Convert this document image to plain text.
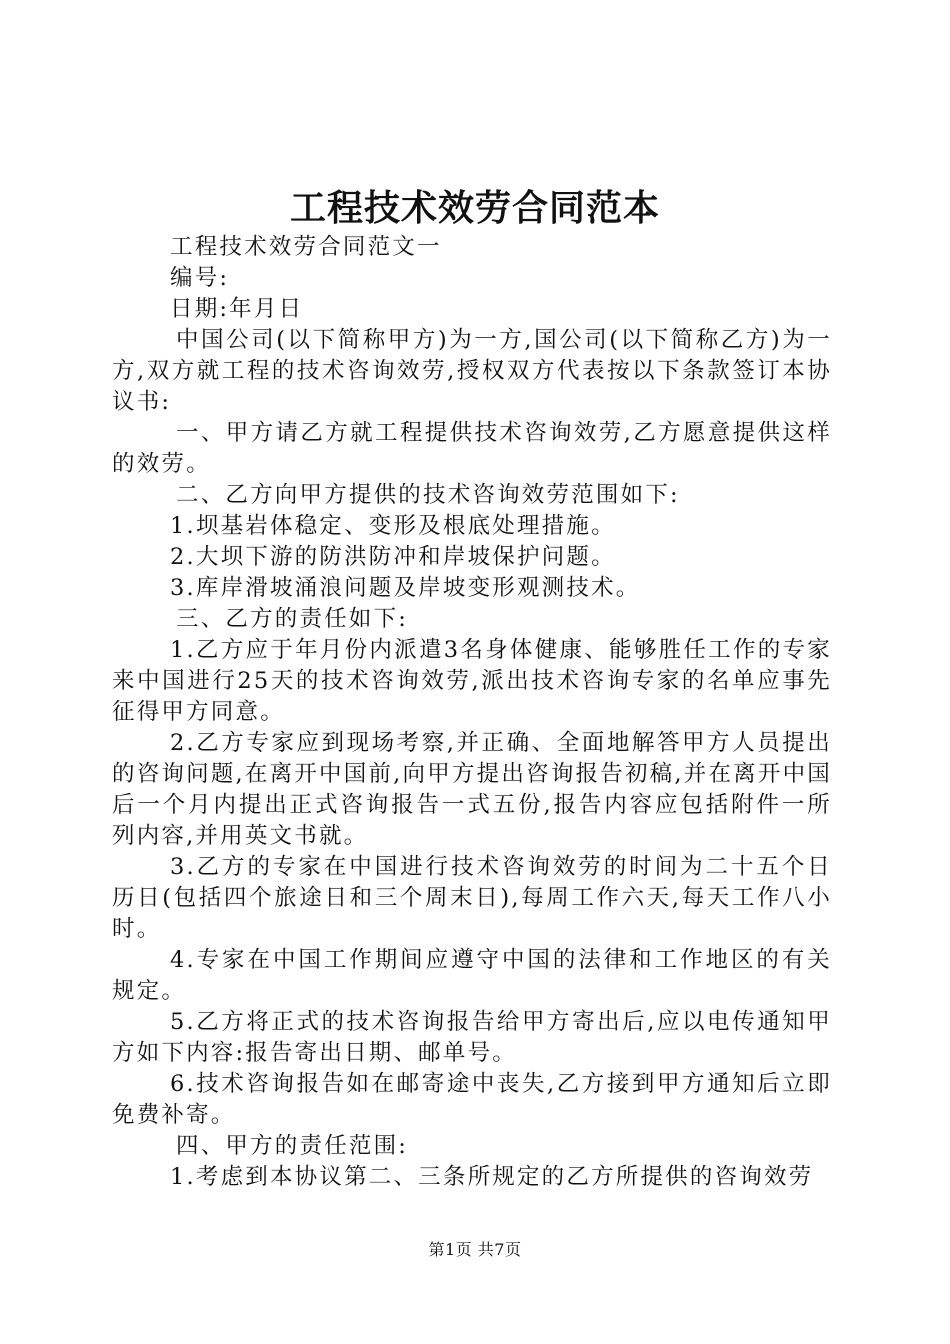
工程技术效劳合同范本

工程技术效劳合同范文一

编号:

日期:年月日

中国公司(以下简称甲方)为一方,国公司(以下简称乙方)为一方,双方就工程的技术咨询效劳,授权双方代表按以下条款签订本协议书:

一、甲方请乙方就工程提供技术咨询效劳,乙方愿意提供这样的效劳。

二、乙方向甲方提供的技术咨询效劳范围如下:

1.坝基岩体稳定、变形及根底处理措施。

2.大坝下游的防洪防冲和岸坡保护问题。

3.库岸滑坡涌浪问题及岸坡变形观测技术。

三、乙方的责任如下:

1.乙方应于年月份内派遣3名身体健康、能够胜任工作的专家来中国进行25天的技术咨询效劳,派出技术咨询专家的名单应事先征得甲方同意。

2.乙方专家应到现场考察,并正确、全面地解答甲方人员提出的咨询问题,在离开中国前,向甲方提出咨询报告初稿,并在离开中国后一个月内提出正式咨询报告一式五份,报告内容应包括附件一所列内容,并用英文书就。

3.乙方的专家在中国进行技术咨询效劳的时间为二十五个日历日(包括四个旅途日和三个周末日),每周工作六天,每天工作八小时。

4.专家在中国工作期间应遵守中国的法律和工作地区的有关规定。

5.乙方将正式的技术咨询报告给甲方寄出后,应以电传通知甲方如下内容:报告寄出日期、邮单号。

6.技术咨询报告如在邮寄途中丧失,乙方接到甲方通知后立即免费补寄。

四、甲方的责任范围:

1.考虑到本协议第二、三条所规定的乙方所提供的咨询效劳

第1页 共7页
